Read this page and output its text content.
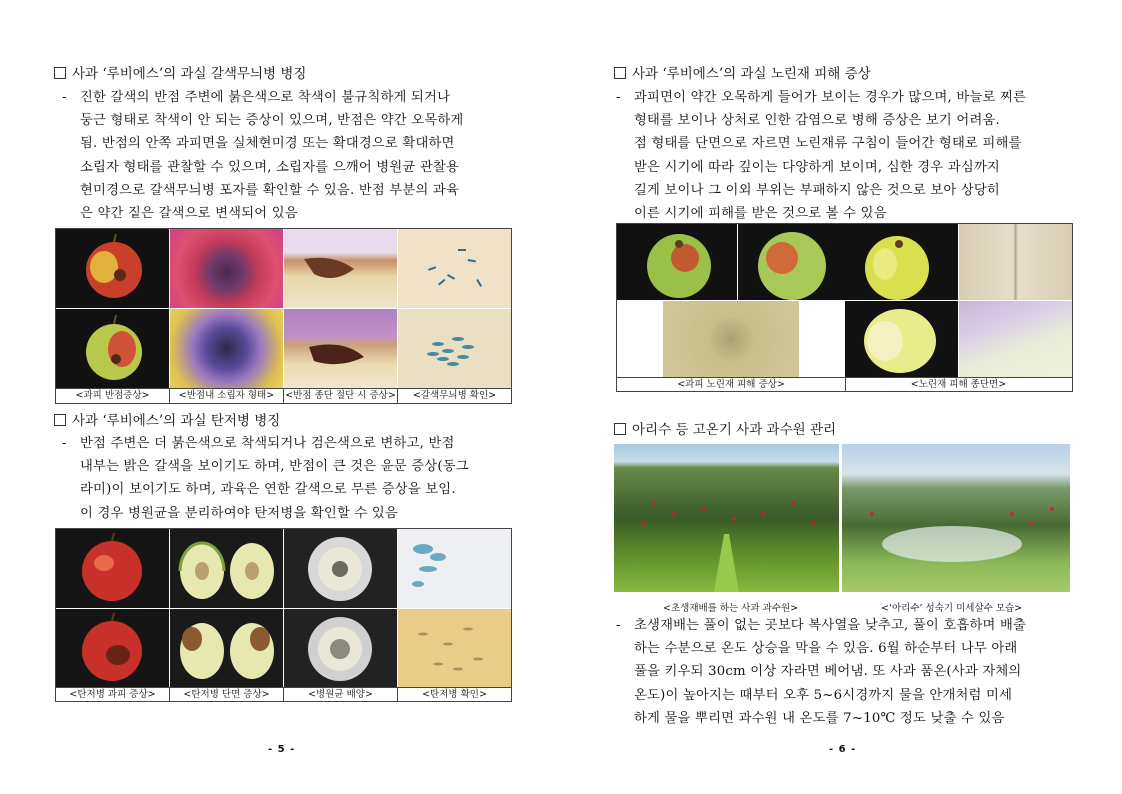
사과 ‘루비에스’의 과실 갈색무늬병 병징
- 진한 갈색의 반점 주변에 붉은색으로 착색이 불규칙하게 되거나
둥근 형태로 착색이 안 되는 증상이 있으며, 반점은 약간 오목하게
됨. 반점의 안쪽 과피면을 실체현미경 또는 확대경으로 확대하면
소립자 형태를 관찰할 수 있으며, 소립자를 으깨어 병원균 관찰용
현미경으로 갈색무늬병 포자를 확인할 수 있음. 반점 부분의 과육
은 약간 짙은 갈색으로 변색되어 있음
<과피 반점증상>	<반점내 소립자 형태>	<반점 종단 절단 시 증상>	<갈색무늬병 확인>
사과 ‘루비에스’의 과실 탄저병 병징
- 반점 주변은 더 붉은색으로 착색되거나 검은색으로 변하고, 반점
내부는 밝은 갈색을 보이기도 하며, 반점이 큰 것은 윤문 증상(동그
라미)이 보이기도 하며, 과육은 연한 갈색으로 무른 증상을 보임.
이 경우 병원균을 분리하여야 탄저병을 확인할 수 있음
<탄저병 과피 증상>	<탄저병 단면 증상>	<병원균 배양>	<탄저병 확인>
- 5 -
사과 ‘루비에스’의 과실 노린재 피해 증상
- 과피면이 약간 오목하게 들어가 보이는 경우가 많으며, 바늘로 찌른
형태를 보이나 상처로 인한 감염으로 병해 증상은 보기 어려움.
점 형태를 단면으로 자르면 노린재류 구침이 들어간 형태로 피해를
받은 시기에 따라 깊이는 다양하게 보이며, 심한 경우 과심까지
길게 보이나 그 이외 부위는 부패하지 않은 것으로 보아 상당히
이른 시기에 피해를 받은 것으로 볼 수 있음
<과피 노린재 피해 증상>	<노린재 피해 종단면>
아리수 등 고온기 사과 과수원 관리
<초생재배를 하는 사과 과수원>	<‘아리수’ 성숙기 미세살수 모습>
- 초생재배는 풀이 없는 곳보다 복사열을 낮추고, 풀이 호흡하며 배출
하는 수분으로 온도 상승을 막을 수 있음. 6월 하순부터 나무 아래
풀을 키우되 30cm 이상 자라면 베어냄. 또 사과 품온(사과 자체의
온도)이 높아지는 때부터 오후 5~6시경까지 물을 안개처럼 미세
하게 물을 뿌리면 과수원 내 온도를 7~10℃ 정도 낮출 수 있음
- 6 -
